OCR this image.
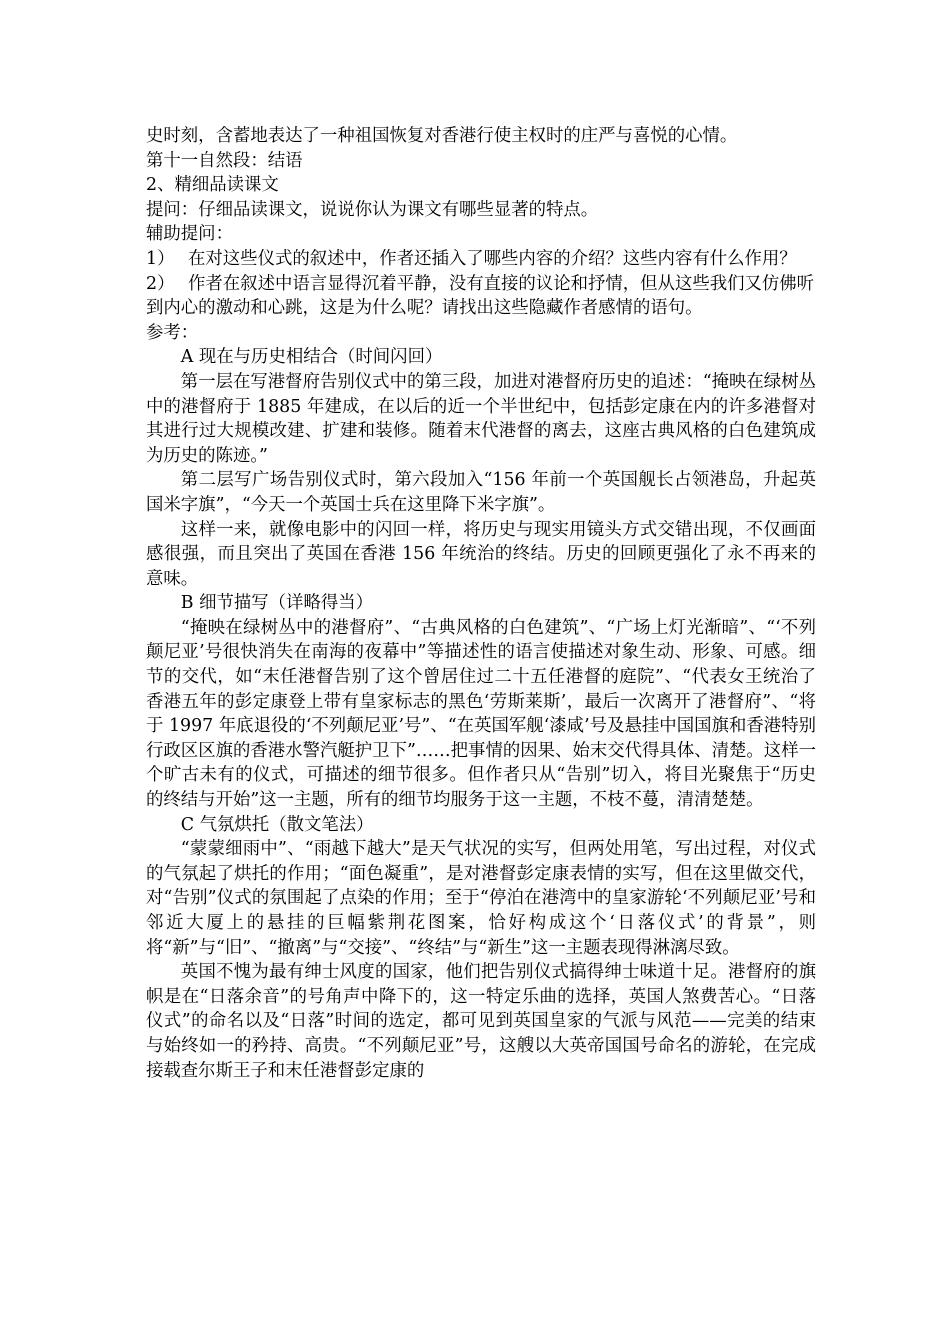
史时刻，含蓄地表达了一种祖国恢复对香港行使主权时的庄严与喜悦的心情。

第十一自然段：结语

2、精细品读课文

提问：仔细品读课文，说说你认为课文有哪些显著的特点。

辅助提问：

1） 在对这些仪式的叙述中，作者还插入了哪些内容的介绍？这些内容有什么作用？

2） 作者在叙述中语言显得沉着平静，没有直接的议论和抒情，但从这些我们又仿佛听到内心的激动和心跳，这是为什么呢？请找出这些隐藏作者感情的语句。

参考：

A 现在与历史相结合（时间闪回）

第一层在写港督府告别仪式中的第三段，加进对港督府历史的追述：“掩映在绿树丛中的港督府于 1885 年建成，在以后的近一个半世纪中，包括彭定康在内的许多港督对其进行过大规模改建、扩建和装修。随着末代港督的离去，这座古典风格的白色建筑成为历史的陈迹。”

第二层写广场告别仪式时，第六段加入“156 年前一个英国舰长占领港岛，升起英国米字旗”，“今天一个英国士兵在这里降下米字旗”。

这样一来，就像电影中的闪回一样，将历史与现实用镜头方式交错出现，不仅画面感很强，而且突出了英国在香港 156 年统治的终结。历史的回顾更强化了永不再来的意味。

B 细节描写（详略得当）

“掩映在绿树丛中的港督府”、“古典风格的白色建筑”、“广场上灯光渐暗”、“‘不列颠尼亚’号很快消失在南海的夜幕中”等描述性的语言使描述对象生动、形象、可感。细节的交代，如“末任港督告别了这个曾居住过二十五任港督的庭院”、“代表女王统治了香港五年的彭定康登上带有皇家标志的黑色‘劳斯莱斯’，最后一次离开了港督府”、“将于 1997 年底退役的‘不列颠尼亚’号”、“在英国军舰‘漆咸’号及悬挂中国国旗和香港特别行政区区旗的香港水警汽艇护卫下”……把事情的因果、始末交代得具体、清楚。这样一个旷古未有的仪式，可描述的细节很多。但作者只从“告别”切入，将目光聚焦于“历史的终结与开始”这一主题，所有的细节均服务于这一主题，不枝不蔓，清清楚楚。

C 气氛烘托（散文笔法）

“蒙蒙细雨中”、“雨越下越大”是天气状况的实写，但两处用笔，写出过程，对仪式的气氛起了烘托的作用；“面色凝重”，是对港督彭定康表情的实写，但在这里做交代，对“告别”仪式的氛围起了点染的作用；至于“停泊在港湾中的皇家游轮‘不列颠尼亚’号和邻近大厦上的悬挂的巨幅紫荆花图案，恰好构成这个‘日落仪式’的背景”，则将“新”与“旧”、“撤离”与“交接”、“终结”与“新生”这一主题表现得淋漓尽致。

英国不愧为最有绅士风度的国家，他们把告别仪式搞得绅士味道十足。港督府的旗帜是在“日落余音”的号角声中降下的，这一特定乐曲的选择，英国人煞费苦心。“日落仪式”的命名以及“日落”时间的选定，都可见到英国皇家的气派与风范——完美的结束与始终如一的矜持、高贵。“不列颠尼亚”号，这艘以大英帝国国号命名的游轮，在完成接载查尔斯王子和末任港督彭定康的
